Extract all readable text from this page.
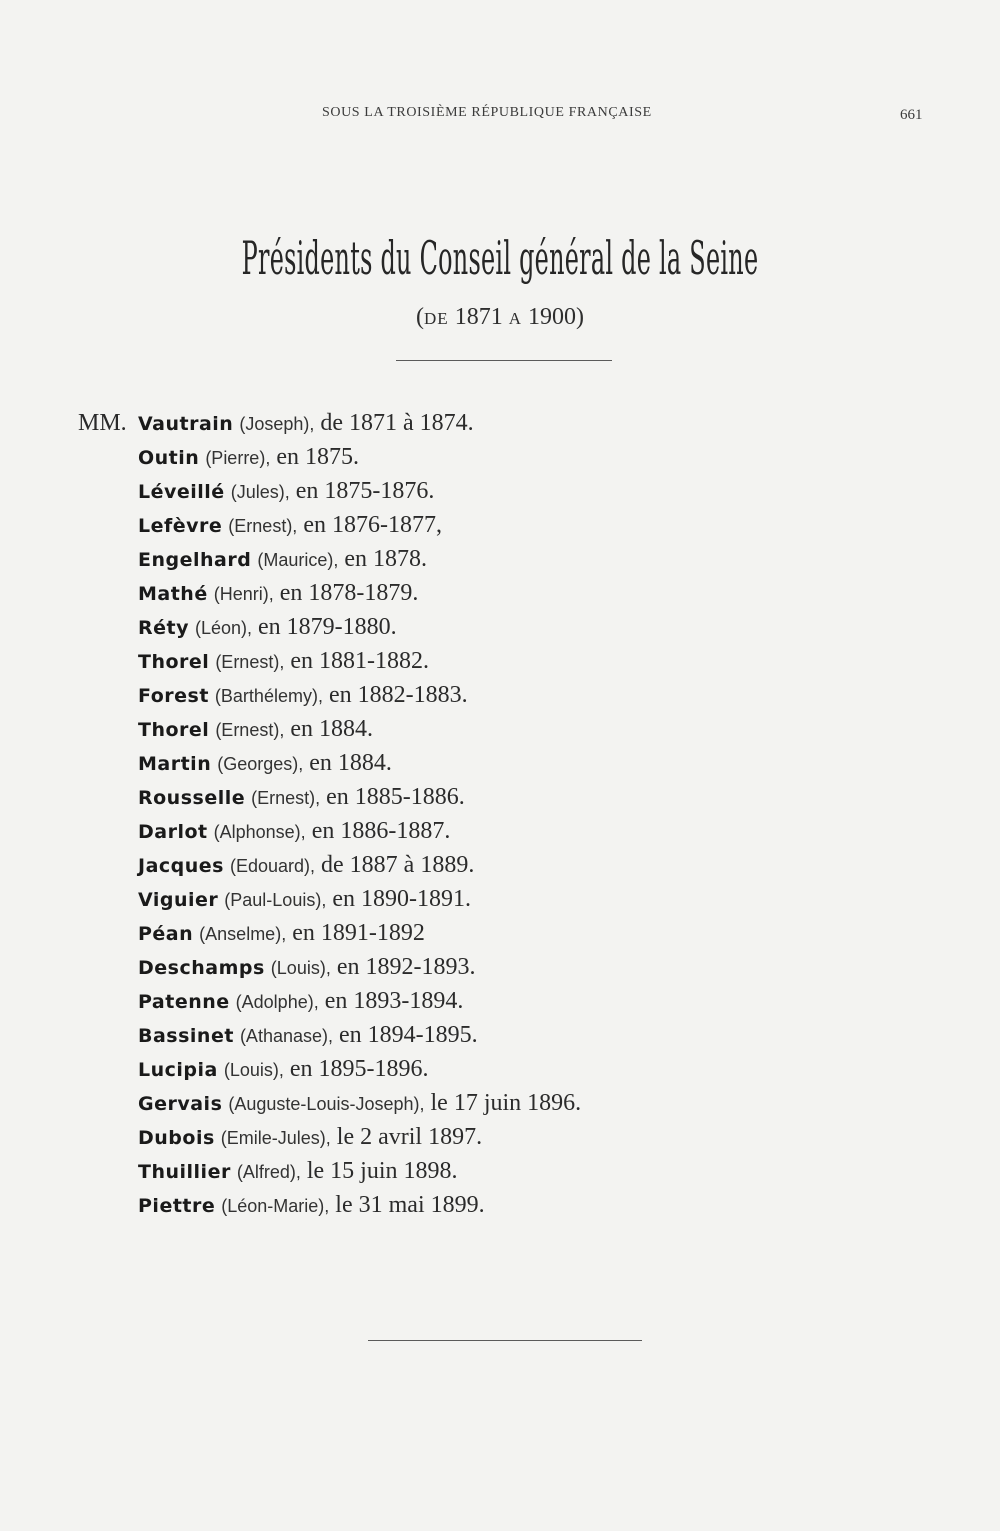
SOUS LA TROISIÈME RÉPUBLIQUE FRANÇAISE	661
Présidents du Conseil général de la Seine
(DE 1871 A 1900)
MM. Vautrain (Joseph), de 1871 à 1874.
Outin (Pierre), en 1875.
Léveillé (Jules), en 1875-1876.
Lefèvre (Ernest), en 1876-1877,
Engelhard (Maurice), en 1878.
Mathé (Henri), en 1878-1879.
Réty (Léon), en 1879-1880.
Thorel (Ernest), en 1881-1882.
Forest (Barthélemy), en 1882-1883.
Thorel (Ernest), en 1884.
Martin (Georges), en 1884.
Rousselle (Ernest), en 1885-1886.
Darlot (Alphonse), en 1886-1887.
Jacques (Edouard), de 1887 à 1889.
Viguier (Paul-Louis), en 1890-1891.
Péan (Anselme), en 1891-1892
Deschamps (Louis), en 1892-1893.
Patenne (Adolphe), en 1893-1894.
Bassinet (Athanase), en 1894-1895.
Lucipia (Louis), en 1895-1896.
Gervais (Auguste-Louis-Joseph), le 17 juin 1896.
Dubois (Emile-Jules), le 2 avril 1897.
Thuillier (Alfred), le 15 juin 1898.
Piettre (Léon-Marie), le 31 mai 1899.
